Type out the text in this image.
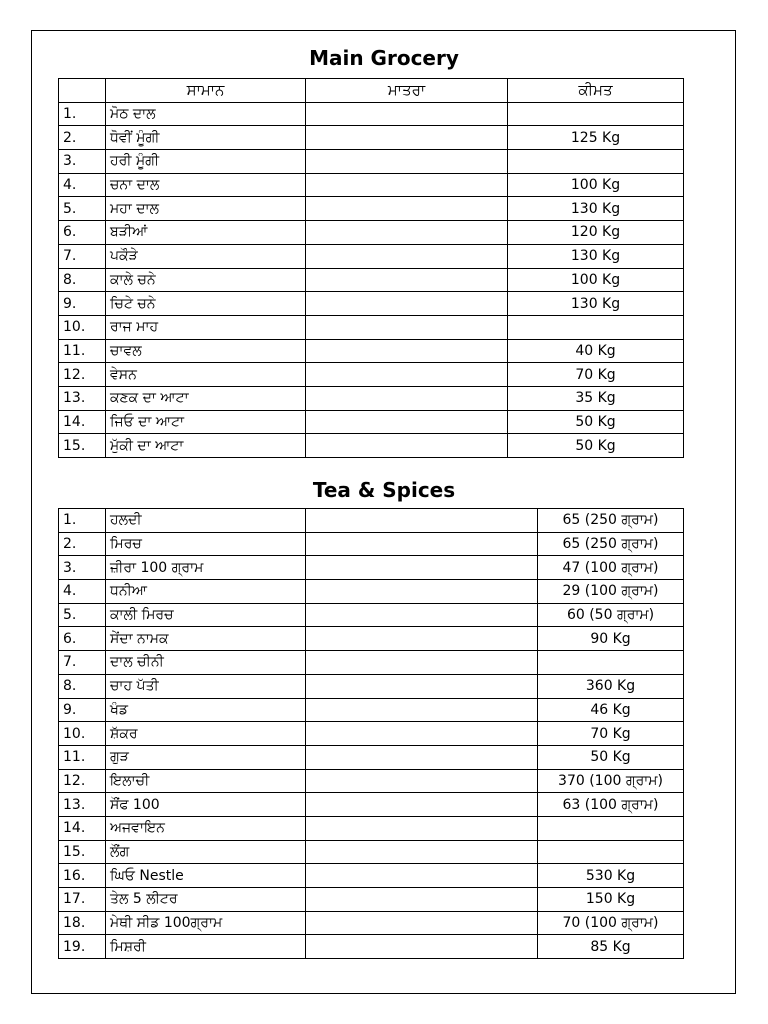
Main Grocery
	ਸਾਮਾਨ	ਮਾਤਰਾ	ਕੀਮਤ
1.	ਮੋਠ ਦਾਲ		
2.	ਧੋਵੀਂ ਮੂੰਗੀ		125 Kg
3.	ਹਰੀ ਮੂੰਗੀ		
4.	ਚਨਾ ਦਾਲ		100 Kg
5.	ਮਹਾ ਦਾਲ		130 Kg
6.	ਬੜੀਆਂ		120 Kg
7.	ਪਕੌੜੇ		130 Kg
8.	ਕਾਲੇ ਚਨੇ		100 Kg
9.	ਚਿਟੇ ਚਨੇ		130 Kg
10.	ਰਾਜ ਮਾਹ		
11.	ਚਾਵਲ		40 Kg
12.	ਵੇਸਨ		70 Kg
13.	ਕਣਕ ਦਾ ਆਟਾ		35 Kg
14.	ਜਿਓ ਦਾ ਆਟਾ		50 Kg
15.	ਮੁੱਕੀ ਦਾ ਆਟਾ		50 Kg
Tea & Spices
1.	ਹਲਦੀ		65 (250 ਗ੍ਰਾਮ)
2.	ਮਿਰਚ		65 (250 ਗ੍ਰਾਮ)
3.	ਜ਼ੀਰਾ 100 ਗ੍ਰਾਮ		47 (100 ਗ੍ਰਾਮ)
4.	ਧਨੀਆ		29 (100 ਗ੍ਰਾਮ)
5.	ਕਾਲੀ ਮਿਰਚ		60 (50 ਗ੍ਰਾਮ)
6.	ਸੇਂਦਾ ਨਾਮਕ		90 Kg
7.	ਦਾਲ ਚੀਨੀ		
8.	ਚਾਹ ਪੱਤੀ		360 Kg
9.	ਖੰਡ		46 Kg
10.	ਸ਼ੱਕਰ		70 Kg
11.	ਗੁੜ		50 Kg
12.	ਇਲਾਚੀ		370 (100 ਗ੍ਰਾਮ)
13.	ਸੌਂਫ 100		63 (100 ਗ੍ਰਾਮ)
14.	ਅਜਵਾਇਨ		
15.	ਲੌਂਗ		
16.	ਘਿਓ Nestle		530 Kg
17.	ਤੇਲ 5 ਲੀਟਰ		150 Kg
18.	ਮੇਥੀ ਸੀਡ 100ਗ੍ਰਾਮ		70 (100 ਗ੍ਰਾਮ)
19.	ਮਿਸ਼ਰੀ		85 Kg
